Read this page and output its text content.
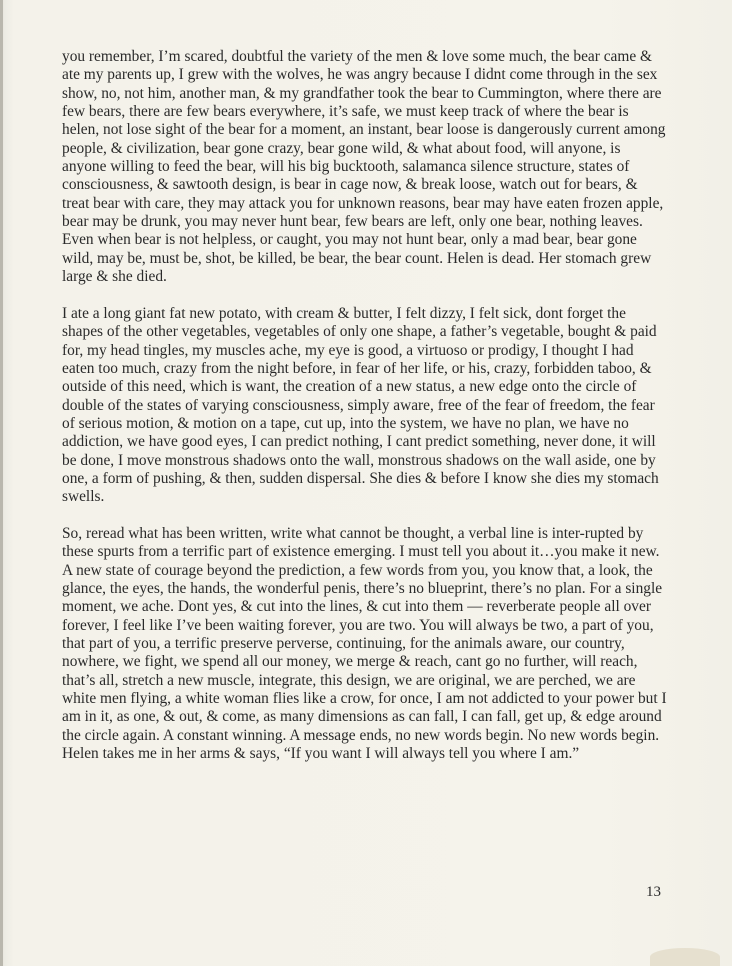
you remember, I’m scared, doubtful the variety of the men & love some much, the bear came & ate my parents up, I grew with the wolves, he was angry because I didnt come through in the sex show, no, not him, another man, & my grandfather took the bear to Cummington, where there are few bears, there are few bears everywhere, it’s safe, we must keep track of where the bear is helen, not lose sight of the bear for a moment, an instant, bear loose is dangerously current among people, & civilization, bear gone crazy, bear gone wild, & what about food, will anyone, is anyone willing to feed the bear, will his big bucktooth, salamanca silence structure, states of consciousness, & sawtooth design, is bear in cage now, & break loose, watch out for bears, & treat bear with care, they may attack you for unknown reasons, bear may have eaten frozen apple, bear may be drunk, you may never hunt bear, few bears are left, only one bear, nothing leaves. Even when bear is not helpless, or caught, you may not hunt bear, only a mad bear, bear gone wild, may be, must be, shot, be killed, be bear, the bear count. Helen is dead. Her stomach grew large & she died.

I ate a long giant fat new potato, with cream & butter, I felt dizzy, I felt sick, dont forget the shapes of the other vegetables, vegetables of only one shape, a father’s vegetable, bought & paid for, my head tingles, my muscles ache, my eye is good, a virtuoso or prodigy, I thought I had eaten too much, crazy from the night before, in fear of her life, or his, crazy, forbidden taboo, & outside of this need, which is want, the creation of a new status, a new edge onto the circle of double of the states of varying consciousness, simply aware, free of the fear of freedom, the fear of serious motion, & motion on a tape, cut up, into the system, we have no plan, we have no addiction, we have good eyes, I can predict nothing, I cant predict something, never done, it will be done, I move monstrous shadows onto the wall, monstrous shadows on the wall aside, one by one, a form of pushing, & then, sudden dispersal. She dies & before I know she dies my stomach swells.

So, reread what has been written, write what cannot be thought, a verbal line is inter-rupted by these spurts from a terrific part of existence emerging. I must tell you about it…you make it new. A new state of courage beyond the prediction, a few words from you, you know that, a look, the glance, the eyes, the hands, the wonderful penis, there’s no blueprint, there’s no plan. For a single moment, we ache. Dont yes, & cut into the lines, & cut into them — reverberate people all over forever, I feel like I’ve been waiting forever, you are two. You will always be two, a part of you, that part of you, a terrific preserve perverse, continuing, for the animals aware, our country, nowhere, we fight, we spend all our money, we merge & reach, cant go no further, will reach, that’s all, stretch a new muscle, integrate, this design, we are original, we are perched, we are white men flying, a white woman flies like a crow, for once, I am not addicted to your power but I am in it, as one, & out, & come, as many dimensions as can fall, I can fall, get up, & edge around the circle again. A constant winning. A message ends, no new words begin. No new words begin. Helen takes me in her arms & says, “If you want I will always tell you where I am.”

13
